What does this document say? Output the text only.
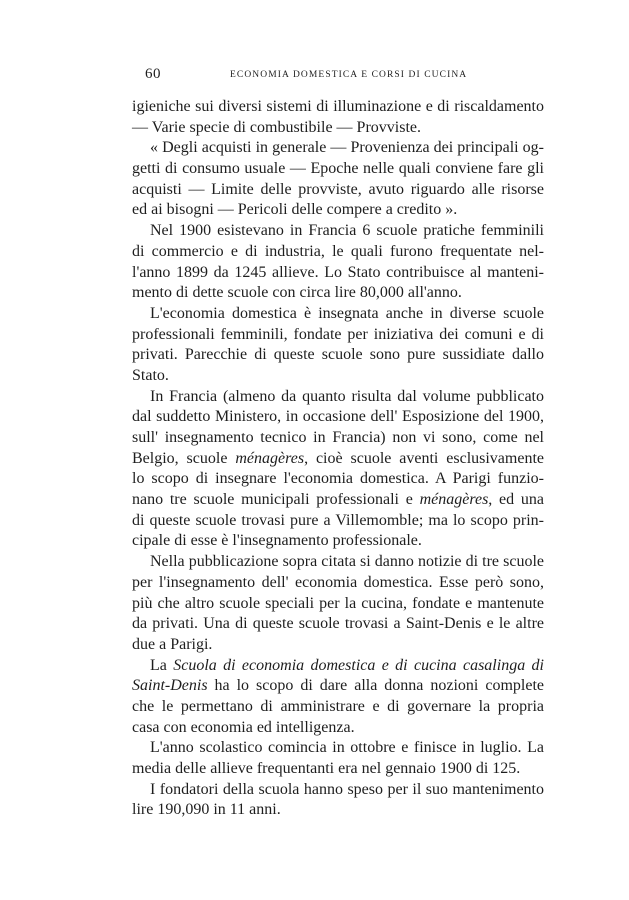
60	ECONOMIA DOMESTICA E CORSI DI CUCINA

igieniche sui diversi sistemi di illuminazione e di riscaldamento
— Varie specie di combustibile — Provviste.

« Degli acquisti in generale — Provenienza dei principali og-
getti di consumo usuale — Epoche nelle quali conviene fare gli
acquisti — Limite delle provviste, avuto riguardo alle risorse
ed ai bisogni — Pericoli delle compere a credito ».

Nel 1900 esistevano in Francia 6 scuole pratiche femminili
di commercio e di industria, le quali furono frequentate nel-
l'anno 1899 da 1245 allieve. Lo Stato contribuisce al manteni-
mento di dette scuole con circa lire 80,000 all'anno.

L'economia domestica è insegnata anche in diverse scuole
professionali femminili, fondate per iniziativa dei comuni e di
privati. Parecchie di queste scuole sono pure sussidiate dallo
Stato.

In Francia (almeno da quanto risulta dal volume pubblicato
dal suddetto Ministero, in occasione dell' Esposizione del 1900,
sull' insegnamento tecnico in Francia) non vi sono, come nel
Belgio, scuole ménagères, cioè scuole aventi esclusivamente
lo scopo di insegnare l'economia domestica. A Parigi funzio-
nano tre scuole municipali professionali e ménagères, ed una
di queste scuole trovasi pure a Villemomble; ma lo scopo prin-
cipale di esse è l'insegnamento professionale.

Nella pubblicazione sopra citata si danno notizie di tre scuole
per l'insegnamento dell' economia domestica. Esse però sono,
più che altro scuole speciali per la cucina, fondate e mantenute
da privati. Una di queste scuole trovasi a Saint-Denis e le altre
due a Parigi.

La Scuola di economia domestica e di cucina casalinga di
Saint-Denis ha lo scopo di dare alla donna nozioni complete
che le permettano di amministrare e di governare la propria
casa con economia ed intelligenza.

L'anno scolastico comincia in ottobre e finisce in luglio. La
media delle allieve frequentanti era nel gennaio 1900 di 125.

I fondatori della scuola hanno speso per il suo mantenimento
lire 190,090 in 11 anni.
